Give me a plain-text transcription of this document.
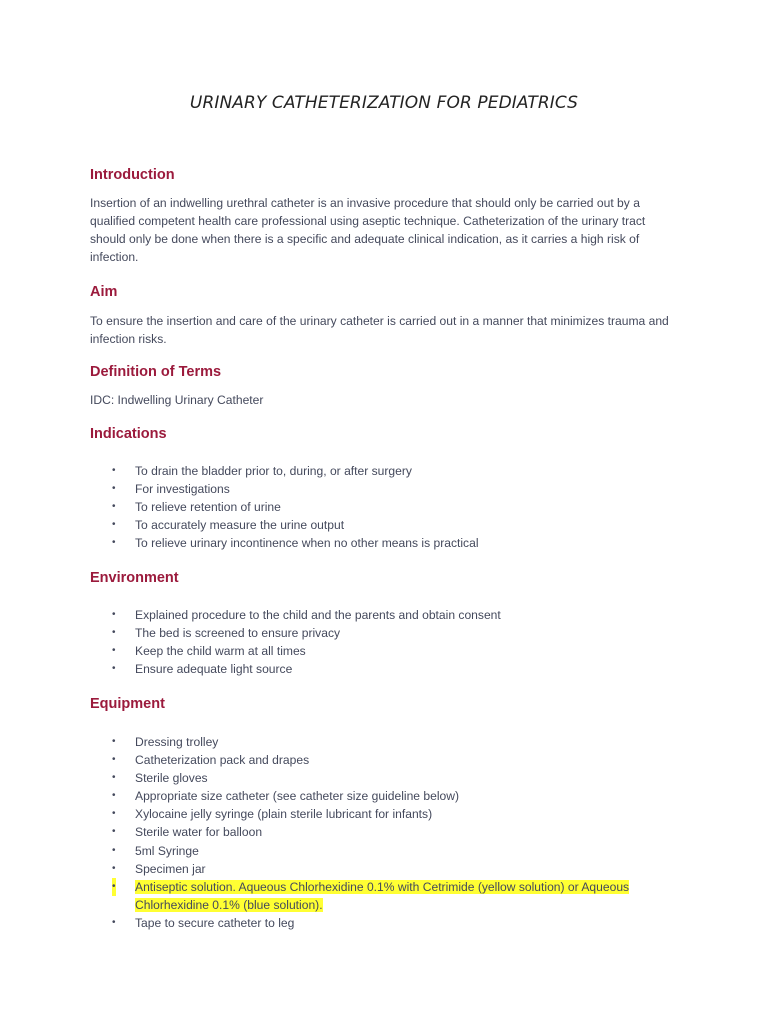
URINARY CATHETERIZATION FOR PEDIATRICS
Introduction

Insertion of an indwelling urethral catheter is an invasive procedure that should only be carried out by a qualified competent health care professional using aseptic technique. Catheterization of the urinary tract should only be done when there is a specific and adequate clinical indication, as it carries a high risk of infection.

Aim

To ensure the insertion and care of the urinary catheter is carried out in a manner that minimizes trauma and infection risks.

Definition of Terms

IDC: Indwelling Urinary Catheter

Indications
• To drain the bladder prior to, during, or after surgery
• For investigations
• To relieve retention of urine
• To accurately measure the urine output
• To relieve urinary incontinence when no other means is practical
Environment
• Explained procedure to the child and the parents and obtain consent
• The bed is screened to ensure privacy
• Keep the child warm at all times
• Ensure adequate light source
Equipment
• Dressing trolley
• Catheterization pack and drapes
• Sterile gloves
• Appropriate size catheter (see catheter size guideline below)
• Xylocaine jelly syringe (plain sterile lubricant for infants)
• Sterile water for balloon
• 5ml Syringe
• Specimen jar
• Antiseptic solution. Aqueous Chlorhexidine 0.1% with Cetrimide (yellow solution) or Aqueous Chlorhexidine 0.1% (blue solution).
• Tape to secure catheter to leg
